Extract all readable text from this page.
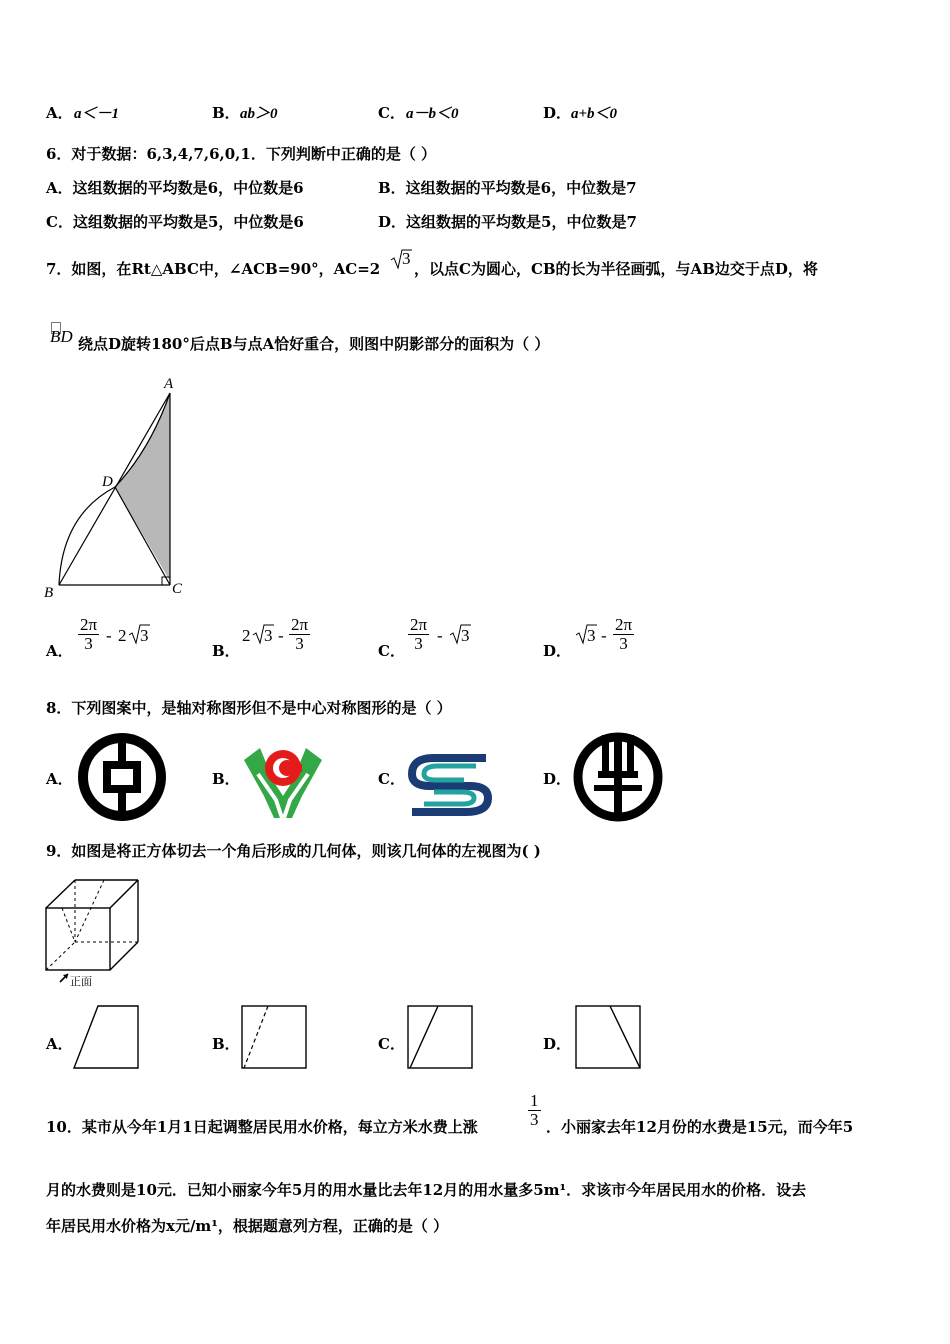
A． a＜－1	B． ab＞0	C． a－b＜0	D． a+b＜0
6．对于数据：6,3,4,7,6,0,1．下列判断中正确的是（ ）
A．这组数据的平均数是6，中位数是6	B．这组数据的平均数是6，中位数是7
C．这组数据的平均数是5，中位数是6	D．这组数据的平均数是5，中位数是7
7．如图，在Rt△ABC中，∠ACB=90°，AC=2
3
，以点C为圆心，CB的长为半径画弧，与AB边交于点D，将
BD 绕点D旋转180°后点B与点A恰好重合，则图中阴影部分的面积为（ ）
A
D
B	C
A． $\frac{2\pi}{3} - 2$ 3
B．
2 $3 - \frac{2\pi}{3}$	C． $\frac{2\pi}{3} - 3$
D．
$3 - \frac{2\pi}{3}$
8．下列图案中，是轴对称图形但不是中心对称图形的是（ ）
A．	B．	C．	D．
9．如图是将正方体切去一个角后形成的几何体，则该几何体的左视图为( )
正面
A．	B．	C．	D．
10．某市从今年1月1日起调整居民用水价格，每立方米水费上涨	$\frac{1}{3}$ ．小丽家去年12月份的水费是15元，而今年5
月的水费则是10元．已知小丽家今年5月的用水量比去年12月的用水量多5m¹．求该市今年居民用水的价格．设去
年居民用水价格为x元/m¹，根据题意列方程，正确的是（ ）
